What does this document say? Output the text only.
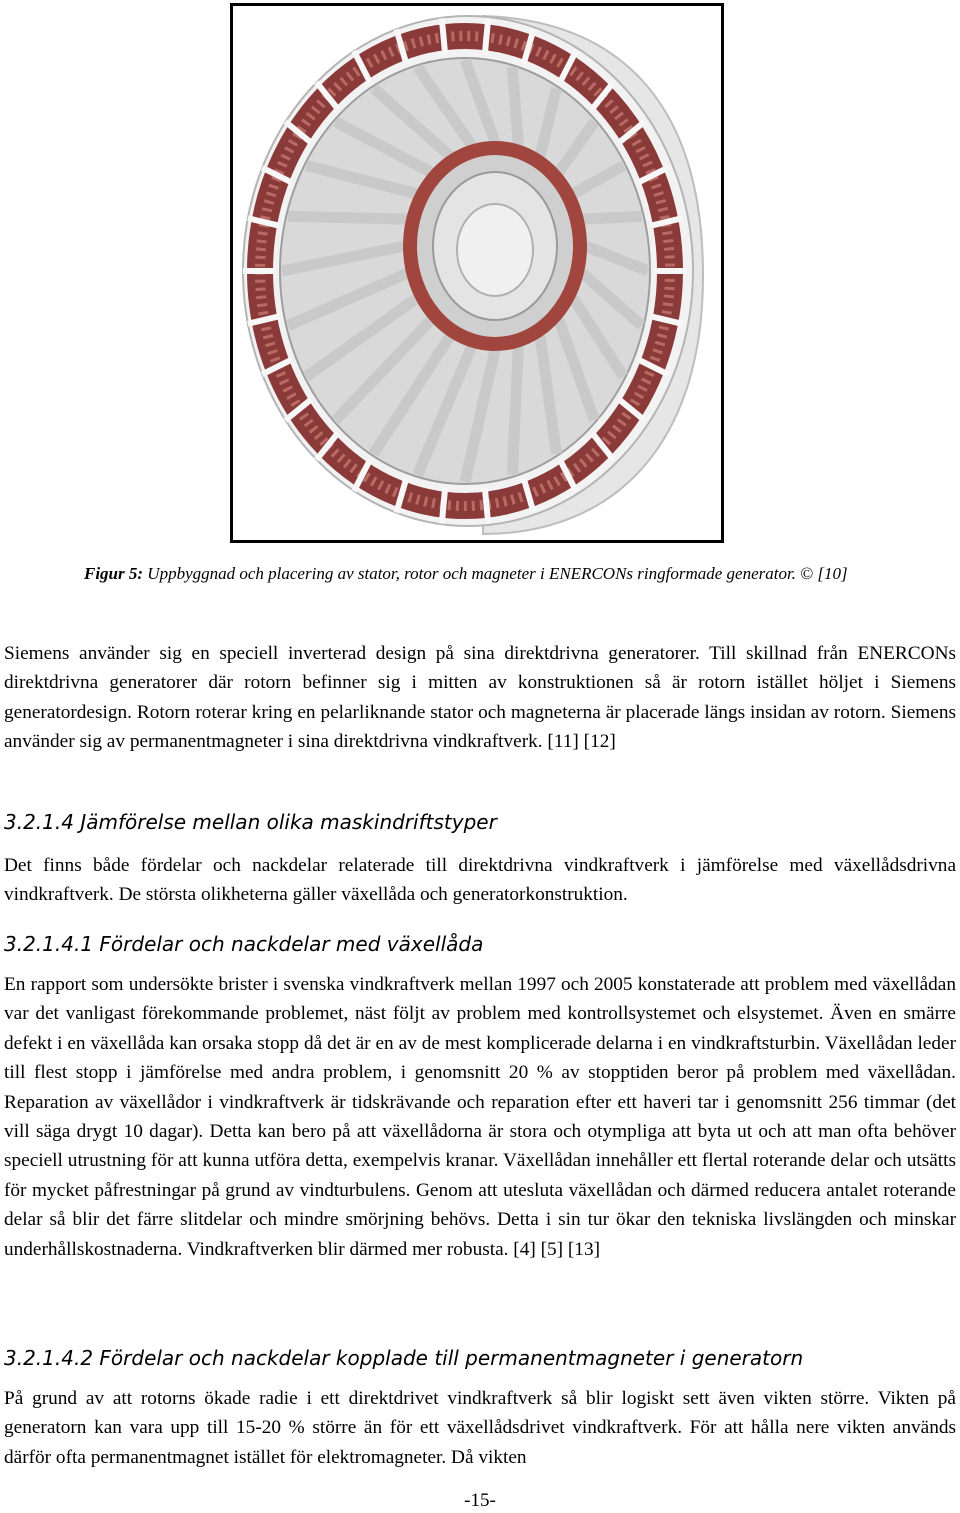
Figur 5: Uppbyggnad och placering av stator, rotor och magneter i ENERCONs ringformade generator. © [10]

Siemens använder sig en speciell inverterad design på sina direktdrivna generatorer. Till skillnad från ENERCONs direktdrivna generatorer där rotorn befinner sig i mitten av konstruktionen så är rotorn istället höljet i Siemens generatordesign. Rotorn roterar kring en pelarliknande stator och magneterna är placerade längs insidan av rotorn. Siemens använder sig av permanentmagneter i sina direktdrivna vindkraftverk. [11] [12]

3.2.1.4 Jämförelse mellan olika maskindriftstyper

Det finns både fördelar och nackdelar relaterade till direktdrivna vindkraftverk i jämförelse med växellådsdrivna vindkraftverk. De största olikheterna gäller växellåda och generatorkonstruktion.

3.2.1.4.1 Fördelar och nackdelar med växellåda

En rapport som undersökte brister i svenska vindkraftverk mellan 1997 och 2005 konstaterade att problem med växellådan var det vanligast förekommande problemet, näst följt av problem med kontrollsystemet och elsystemet. Även en smärre defekt i en växellåda kan orsaka stopp då det är en av de mest komplicerade delarna i en vindkraftsturbin. Växellådan leder till flest stopp i jämförelse med andra problem, i genomsnitt 20 % av stopptiden beror på problem med växellådan. Reparation av växellådor i vindkraftverk är tidskrävande och reparation efter ett haveri tar i genomsnitt 256 timmar (det vill säga drygt 10 dagar). Detta kan bero på att växellådorna är stora och otympliga att byta ut och att man ofta behöver speciell utrustning för att kunna utföra detta, exempelvis kranar. Växellådan innehåller ett flertal roterande delar och utsätts för mycket påfrestningar på grund av vindturbulens. Genom att utesluta växellådan och därmed reducera antalet roterande delar så blir det färre slitdelar och mindre smörjning behövs. Detta i sin tur ökar den tekniska livslängden och minskar underhållskostnaderna. Vindkraftverken blir därmed mer robusta. [4] [5] [13]

3.2.1.4.2 Fördelar och nackdelar kopplade till permanentmagneter i generatorn

På grund av att rotorns ökade radie i ett direktdrivet vindkraftverk så blir logiskt sett även vikten större. Vikten på generatorn kan vara upp till 15-20 % större än för ett växellådsdrivet vindkraftverk. För att hålla nere vikten används därför ofta permanentmagnet istället för elektromagneter. Då vikten

-15-
